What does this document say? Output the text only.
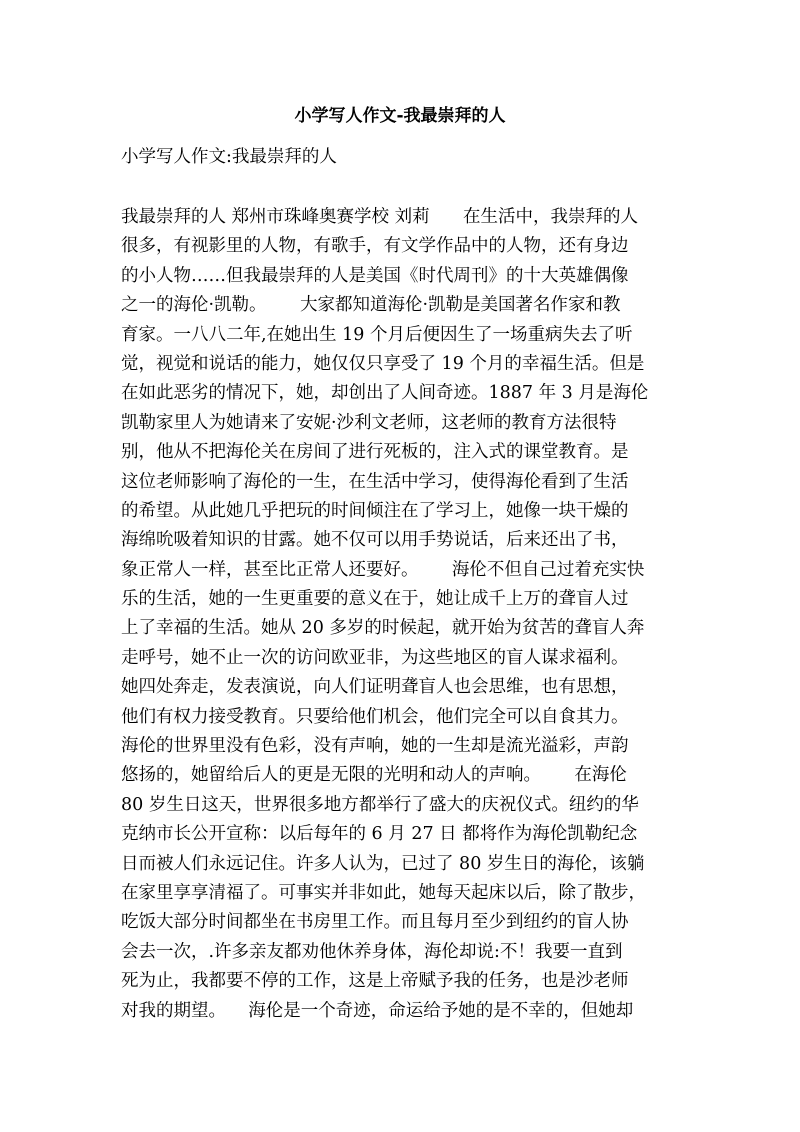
小学写人作文-我最崇拜的人
小学写人作文:我最崇拜的人
我最崇拜的人 郑州市珠峰奥赛学校 刘莉      在生活中，我崇拜的人
很多，有视影里的人物，有歌手，有文学作品中的人物，还有身边
的小人物……但我最崇拜的人是美国《时代周刊》的十大英雄偶像
之一的海伦·凯勒。      大家都知道海伦·凯勒是美国著名作家和教
育家。一八八二年,在她出生 19 个月后便因生了一场重病失去了听
觉，视觉和说话的能力，她仅仅只享受了 19 个月的幸福生活。但是
在如此恶劣的情况下，她，却创出了人间奇迹。1887 年 3 月是海伦
凯勒家里人为她请来了安妮·沙利文老师，这老师的教育方法很特
别，他从不把海伦关在房间了进行死板的，注入式的课堂教育。是
这位老师影响了海伦的一生，在生活中学习，使得海伦看到了生活
的希望。从此她几乎把玩的时间倾注在了学习上，她像一块干燥的
海绵吮吸着知识的甘露。她不仅可以用手势说话，后来还出了书，
象正常人一样，甚至比正常人还要好。      海伦不但自己过着充实快
乐的生活，她的一生更重要的意义在于，她让成千上万的聋盲人过
上了幸福的生活。她从 20 多岁的时候起，就开始为贫苦的聋盲人奔
走呼号，她不止一次的访问欧亚非，为这些地区的盲人谋求福利。
她四处奔走，发表演说，向人们证明聋盲人也会思维，也有思想，
他们有权力接受教育。只要给他们机会，他们完全可以自食其力。
海伦的世界里没有色彩，没有声响，她的一生却是流光溢彩，声韵
悠扬的，她留给后人的更是无限的光明和动人的声响。      在海伦
80 岁生日这天，世界很多地方都举行了盛大的庆祝仪式。纽约的华
克纳市长公开宣称：以后每年的 6 月 27 日 都将作为海伦凯勒纪念
日而被人们永远记住。许多人认为，已过了 80 岁生日的海伦，该躺
在家里享享清福了。可事实并非如此，她每天起床以后，除了散步，
吃饭大部分时间都坐在书房里工作。而且每月至少到纽约的盲人协
会去一次，.许多亲友都劝他休养身体，海伦却说:不！我要一直到
死为止，我都要不停的工作，这是上帝赋予我的任务，也是沙老师
对我的期望。    海伦是一个奇迹，命运给予她的是不幸的，但她却
